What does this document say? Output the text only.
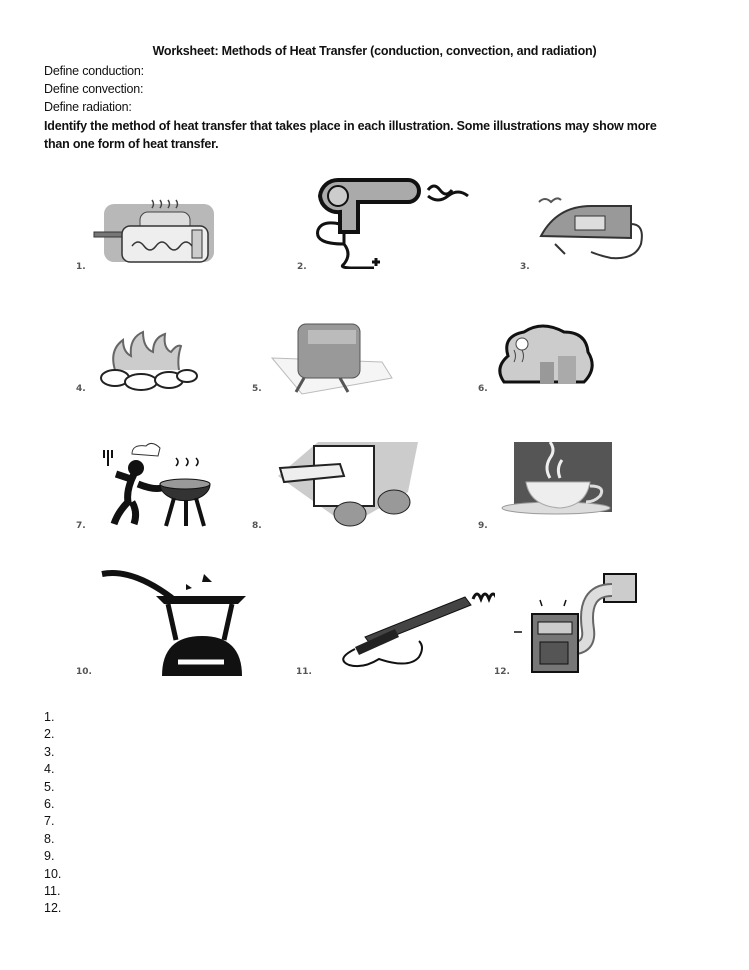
Worksheet: Methods of Heat Transfer (conduction, convection, and radiation)
Define conduction:
Define convection:
Define radiation:
Identify the method of heat transfer that takes place in each illustration. Some illustrations may show more
than one form of heat transfer.
1.	2.	3.
4.	5.	6.
7.	8.	9.
10.	11.	12.
1.
2.
3.
4.
5.
6.
7.
8.
9.
10.
11.
12.
